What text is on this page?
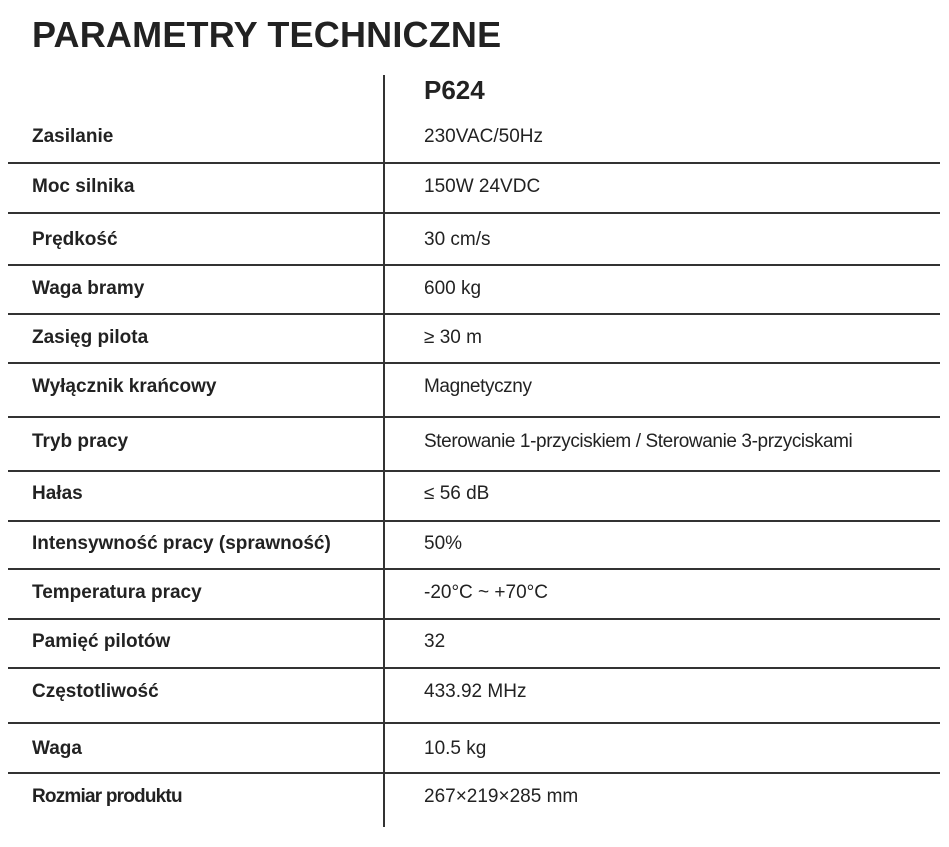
PARAMETRY TECHNICZNE
P624
Zasilanie	230VAC/50Hz
Moc silnika	150W 24VDC
Prędkość	30 cm/s
Waga bramy	600 kg
Zasięg pilota	≥ 30 m
Wyłącznik krańcowy	Magnetyczny
Tryb pracy	Sterowanie 1-przyciskiem / Sterowanie 3-przyciskami
Hałas	≤ 56 dB
Intensywność pracy (sprawność)	50%
Temperatura pracy	-20°C ~ +70°C
Pamięć pilotów	32
Częstotliwość	433.92 MHz
Waga	10.5 kg
Rozmiar produktu	267×219×285 mm
